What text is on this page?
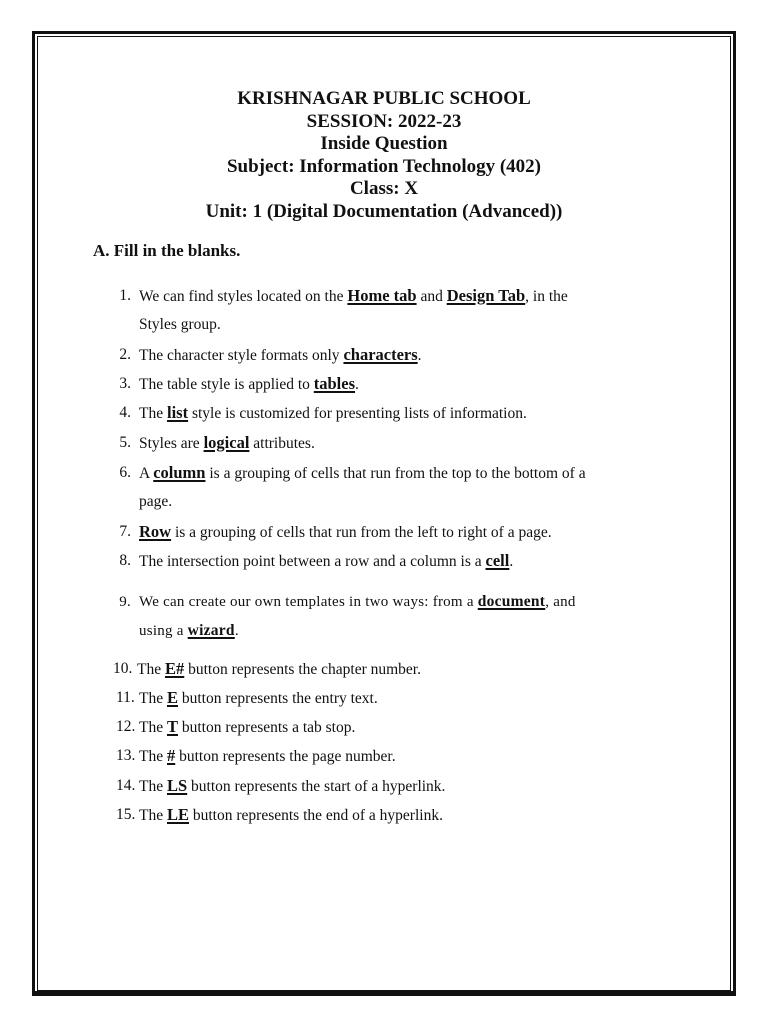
KRISHNAGAR PUBLIC SCHOOL
SESSION: 2022-23
Inside Question
Subject: Information Technology (402)
Class: X
Unit: 1 (Digital Documentation (Advanced))
A. Fill in the blanks.
1. We can find styles located on the Home tab and Design Tab, in the
Styles group.
2. The character style formats only characters.
3. The table style is applied to tables.
4. The list style is customized for presenting lists of information.
5. Styles are logical attributes.
6. A column is a grouping of cells that run from the top to the bottom of a
page.
7. Row is a grouping of cells that run from the left to right of a page.
8. The intersection point between a row and a column is a cell.
9. We can create our own templates in two ways: from a document, and
using a wizard.
10. The E# button represents the chapter number.
11. The E button represents the entry text.
12. The T button represents a tab stop.
13. The # button represents the page number.
14. The LS button represents the start of a hyperlink.
15. The LE button represents the end of a hyperlink.
